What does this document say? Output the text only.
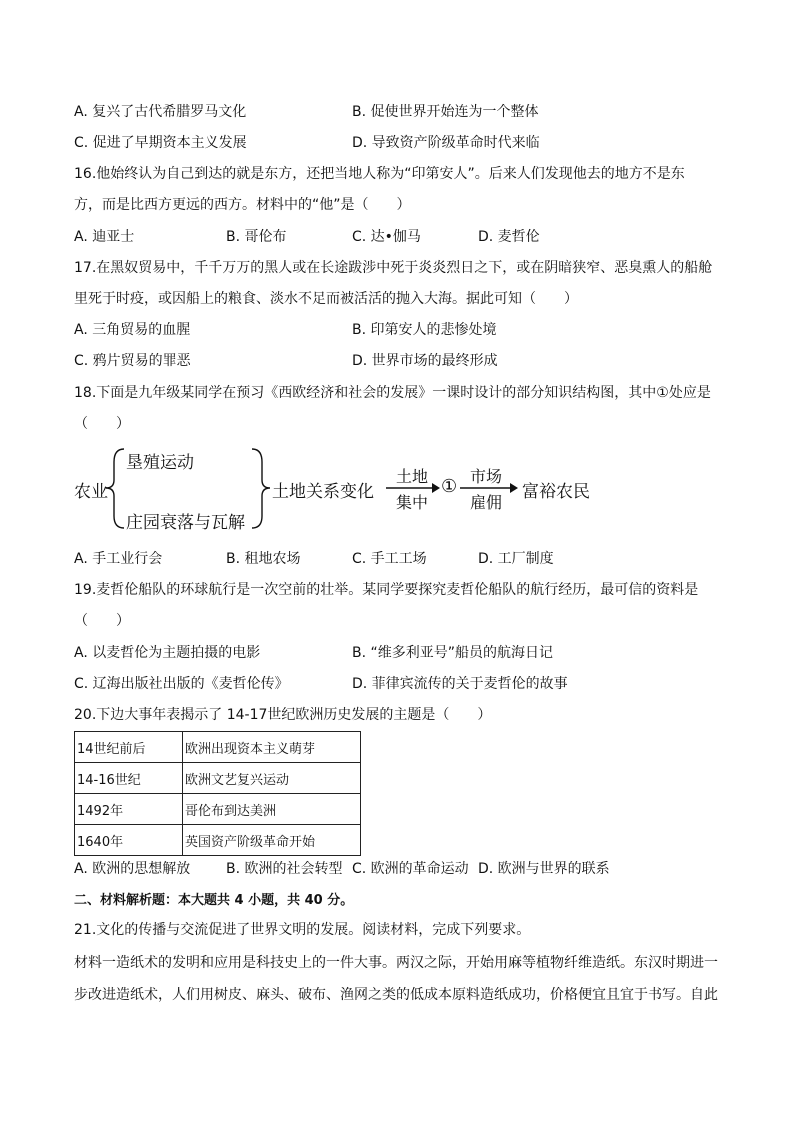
A. 复兴了古代希腊罗马文化	B. 促使世界开始连为一个整体
C. 促进了早期资本主义发展	D. 导致资产阶级革命时代来临
16.他始终认为自己到达的就是东方，还把当地人称为“印第安人”。后来人们发现他去的地方不是东
方，而是比西方更远的西方。材料中的“他”是（　　）
A. 迪亚士	B. 哥伦布	C. 达•伽马	D. 麦哲伦
17.在黑奴贸易中，千千万万的黑人或在长途跋涉中死于炎炎烈日之下，或在阴暗狭窄、恶臭熏人的船舱
里死于时疫，或因船上的粮食、淡水不足而被活活的抛入大海。据此可知（　　）
A. 三角贸易的血腥	B. 印第安人的悲惨处境
C. 鸦片贸易的罪恶	D. 世界市场的最终形成
18.下面是九年级某同学在预习《西欧经济和社会的发展》一课时设计的部分知识结构图，其中①处应是
（　　）
农业
垦殖运动
庄园衰落与瓦解
土地关系变化
土地
集中
① 市场
雇佣
富裕农民
A. 手工业行会	B. 租地农场	C. 手工工场	D. 工厂制度
19.麦哲伦船队的环球航行是一次空前的壮举。某同学要探究麦哲伦船队的航行经历，最可信的资料是
（　　）
A. 以麦哲伦为主题拍摄的电影	B. “维多利亚号”船员的航海日记
C. 辽海出版社出版的《麦哲伦传》	D. 菲律宾流传的关于麦哲伦的故事
20.下边大事年表揭示了 14-17世纪欧洲历史发展的主题是（　　）
14世纪前后	欧洲出现资本主义萌芽
14-16世纪	欧洲文艺复兴运动
1492年	哥伦布到达美洲
1640年	英国资产阶级革命开始
A. 欧洲的思想解放	B. 欧洲的社会转型 C. 欧洲的革命运动 D. 欧洲与世界的联系
二、材料解析题：本大题共 4 小题，共 40 分。
21.文化的传播与交流促进了世界文明的发展。阅读材料，完成下列要求。
材料一造纸术的发明和应用是科技史上的一件大事。两汉之际，开始用麻等植物纤维造纸。东汉时期进一
步改进造纸术，人们用树皮、麻头、破布、渔网之类的低成本原料造纸成功，价格便宜且宜于书写。自此
